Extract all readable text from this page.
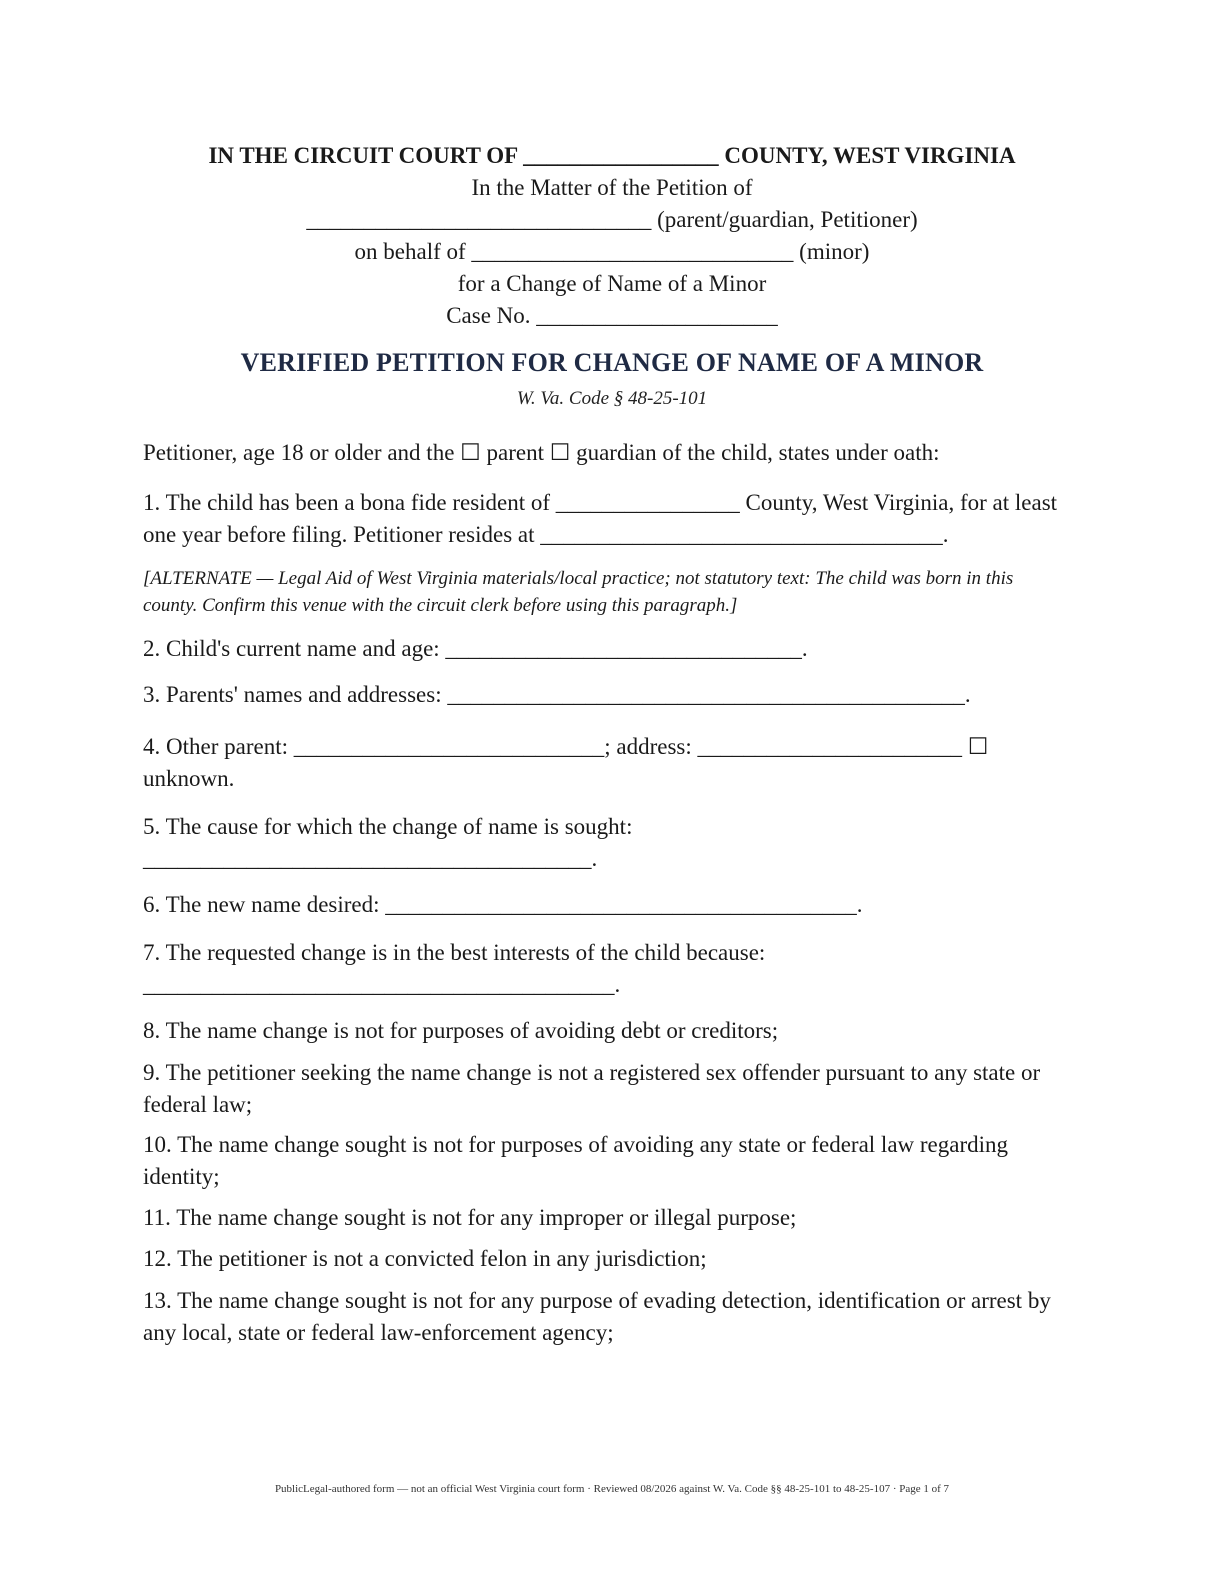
IN THE CIRCUIT COURT OF _________________ COUNTY, WEST VIRGINIA
In the Matter of the Petition of
______________________________ (parent/guardian, Petitioner)
on behalf of ____________________________ (minor)
for a Change of Name of a Minor
Case No. _____________________
VERIFIED PETITION FOR CHANGE OF NAME OF A MINOR
W. Va. Code § 48-25-101

Petitioner, age 18 or older and the ☐ parent ☐ guardian of the child, states under oath:

1. The child has been a bona fide resident of ________________ County, West Virginia, for at least one year before filing. Petitioner resides at ___________________________________.

[ALTERNATE — Legal Aid of West Virginia materials/local practice; not statutory text: The child was born in this county. Confirm this venue with the circuit clerk before using this paragraph.]

2. Child's current name and age: _______________________________.

3. Parents' names and addresses: _____________________________________________.

4. Other parent: ___________________________; address: _______________________ ☐ unknown.

5. The cause for which the change of name is sought: _______________________________________.

6. The new name desired: _________________________________________.

7. The requested change is in the best interests of the child because: _________________________________________.

8. The name change is not for purposes of avoiding debt or creditors;

9. The petitioner seeking the name change is not a registered sex offender pursuant to any state or federal law;

10. The name change sought is not for purposes of avoiding any state or federal law regarding identity;

11. The name change sought is not for any improper or illegal purpose;

12. The petitioner is not a convicted felon in any jurisdiction;

13. The name change sought is not for any purpose of evading detection, identification or arrest by any local, state or federal law-enforcement agency;

PublicLegal-authored form — not an official West Virginia court form · Reviewed 08/2026 against W. Va. Code §§ 48-25-101 to 48-25-107 · Page 1 of 7
